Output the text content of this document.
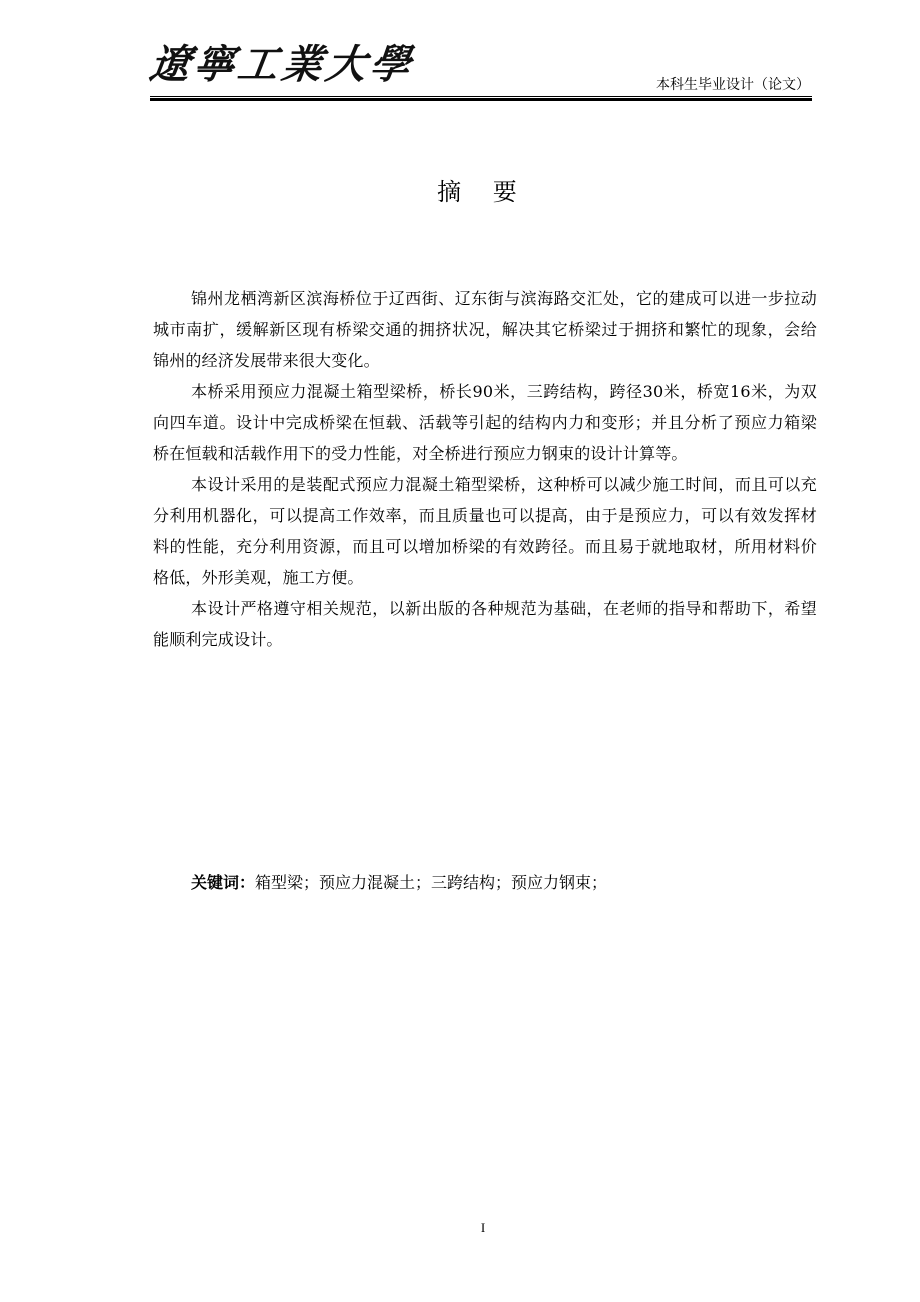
遼寧工業大學	本科生毕业设计（论文）
摘 要

锦州龙栖湾新区滨海桥位于辽西街、辽东街与滨海路交汇处，它的建成可以进一步拉动城市南扩，缓解新区现有桥梁交通的拥挤状况，解决其它桥梁过于拥挤和繁忙的现象，会给锦州的经济发展带来很大变化。

本桥采用预应力混凝土箱型梁桥，桥长90米，三跨结构，跨径30米，桥宽16米，为双向四车道。设计中完成桥梁在恒载、活载等引起的结构内力和变形；并且分析了预应力箱梁桥在恒载和活载作用下的受力性能，对全桥进行预应力钢束的设计计算等。

本设计采用的是装配式预应力混凝土箱型梁桥，这种桥可以减少施工时间，而且可以充分利用机器化，可以提高工作效率，而且质量也可以提高，由于是预应力，可以有效发挥材料的性能，充分利用资源，而且可以增加桥梁的有效跨径。而且易于就地取材，所用材料价格低，外形美观，施工方便。

本设计严格遵守相关规范，以新出版的各种规范为基础，在老师的指导和帮助下，希望能顺利完成设计。

关键词：箱型梁；预应力混凝土；三跨结构；预应力钢束；
I
